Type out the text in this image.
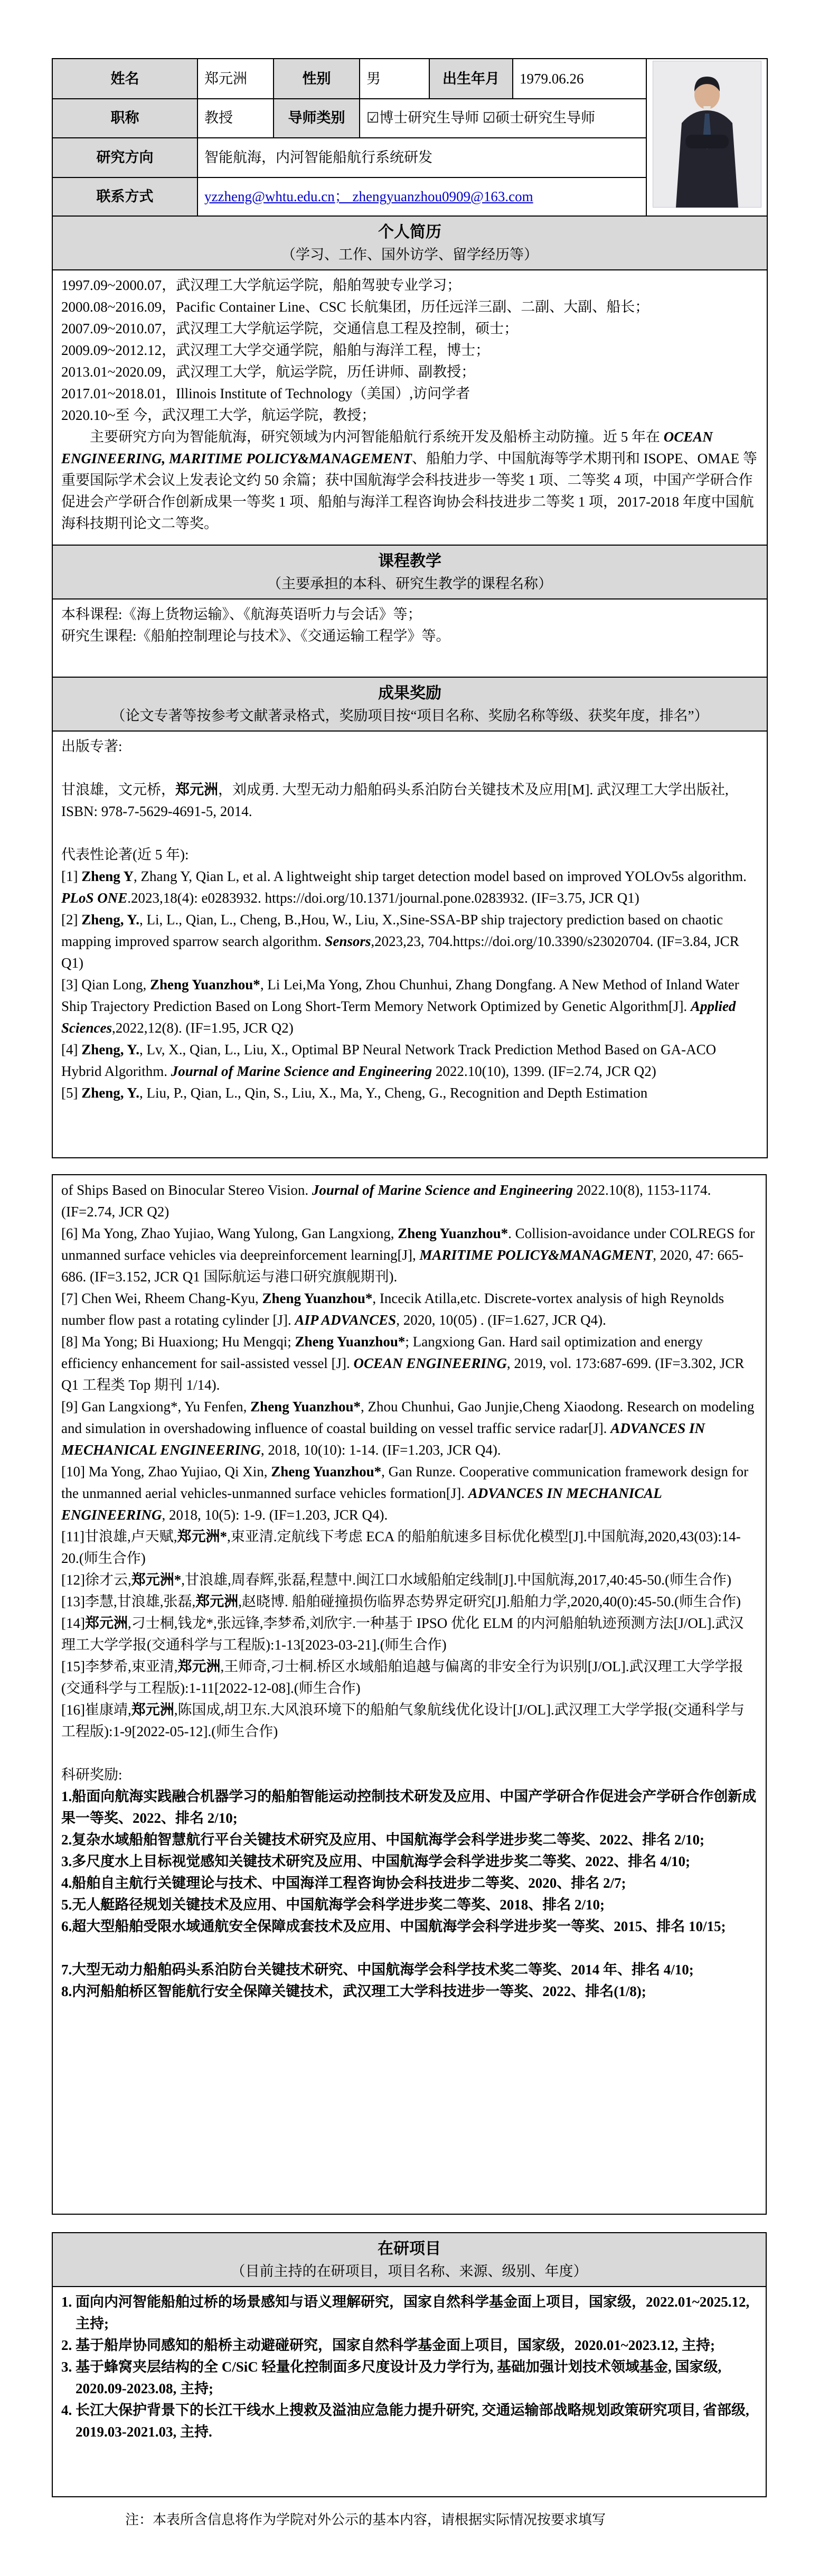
姓名	郑元洲	性别	男	出生年月	1979.06.26	
职称	教授	导师类别	☑博士研究生导师 ☑硕士研究生导师			
研究方向	智能航海，内河智能船航行系统研发					
联系方式	yzzheng@whtu.edu.cn； zhengyuanzhou0909@163.com					

个人简历
（学习、工作、国外访学、留学经历等）						

1997.09~2000.07，武汉理工大学航运学院，船舶驾驶专业学习；

2000.08~2016.09，Pacific Container Line、CSC 长航集团，历任远洋三副、二副、大副、船长；

2007.09~2010.07，武汉理工大学航运学院，交通信息工程及控制，硕士；

2009.09~2012.12，武汉理工大学交通学院，船舶与海洋工程，博士；

2013.01~2020.09，武汉理工大学，航运学院，历任讲师、副教授；

2017.01~2018.01，Illinois Institute of Technology（美国）,访问学者

2020.10~至 今，武汉理工大学，航运学院，教授；

主要研究方向为智能航海，研究领域为内河智能船航行系统开发及船桥主动防撞。近 5 年在 OCEAN ENGINEERING, MARITIME POLICY&MANAGEMENT、船舶力学、中国航海等学术期刊和 ISOPE、OMAE 等重要国际学术会议上发表论文约 50 余篇；获中国航海学会科技进步一等奖 1 项、二等奖 4 项，中国产学研合作促进会产学研合作创新成果一等奖 1 项、船舶与海洋工程咨询协会科技进步二等奖 1 项，2017-2018 年度中国航海科技期刊论文二等奖。

课程教学
（主要承担的本科、研究生教学的课程名称）						

本科课程:《海上货物运输》、《航海英语听力与会话》等；

研究生课程:《船舶控制理论与技术》、《交通运输工程学》等。						

成果奖励
（论文专著等按参考文献著录格式，奖励项目按“项目名称、奖励名称等级、获奖年度，排名”）						

出版专著:

甘浪雄，文元桥，郑元洲，刘成勇. 大型无动力船舶码头系泊防台关键技术及应用[M]. 武汉理工大学出版社, ISBN: 978-7-5629-4691-5, 2014.

代表性论著(近 5 年):

[1] Zheng Y, Zhang Y, Qian L, et al. A lightweight ship target detection model based on improved YOLOv5s algorithm. PLoS ONE.2023,18(4): e0283932. https://doi.org/10.1371/journal.pone.0283932. (IF=3.75, JCR Q1)

[2] Zheng, Y., Li, L., Qian, L., Cheng, B.,Hou, W., Liu, X.,Sine-SSA-BP ship trajectory prediction based on chaotic mapping improved sparrow search algorithm. Sensors,2023,23, 704.https://doi.org/10.3390/s23020704. (IF=3.84, JCR Q1)

[3] Qian Long, Zheng Yuanzhou*, Li Lei,Ma Yong, Zhou Chunhui, Zhang Dongfang. A New Method of Inland Water Ship Trajectory Prediction Based on Long Short-Term Memory Network Optimized by Genetic Algorithm[J]. Applied Sciences,2022,12(8). (IF=1.95, JCR Q2)

[4] Zheng, Y., Lv, X., Qian, L., Liu, X., Optimal BP Neural Network Track Prediction Method Based on GA-ACO Hybrid Algorithm. Journal of Marine Science and Engineering 2022.10(10), 1399. (IF=2.74, JCR Q2)

[5] Zheng, Y., Liu, P., Qian, L., Qin, S., Liu, X., Ma, Y., Cheng, G., Recognition and Depth Estimation

of Ships Based on Binocular Stereo Vision. Journal of Marine Science and Engineering 2022.10(8), 1153-1174. (IF=2.74, JCR Q2)

[6] Ma Yong, Zhao Yujiao, Wang Yulong, Gan Langxiong, Zheng Yuanzhou*. Collision-avoidance under COLREGS for unmanned surface vehicles via deepreinforcement learning[J], MARITIME POLICY&MANAGMENT, 2020, 47: 665-686. (IF=3.152, JCR Q1 国际航运与港口研究旗舰期刊).

[7] Chen Wei, Rheem Chang-Kyu, Zheng Yuanzhou*, Incecik Atilla,etc. Discrete-vortex analysis of high Reynolds number flow past a rotating cylinder [J]. AIP ADVANCES, 2020, 10(05) . (IF=1.627, JCR Q4).

[8] Ma Yong; Bi Huaxiong; Hu Mengqi; Zheng Yuanzhou*; Langxiong Gan. Hard sail optimization and energy efficiency enhancement for sail-assisted vessel [J]. OCEAN ENGINEERING, 2019, vol. 173:687-699. (IF=3.302, JCR Q1 工程类 Top 期刊 1/14).

[9] Gan Langxiong*, Yu Fenfen, Zheng Yuanzhou*, Zhou Chunhui, Gao Junjie,Cheng Xiaodong. Research on modeling and simulation in overshadowing influence of coastal building on vessel traffic service radar[J]. ADVANCES IN MECHANICAL ENGINEERING, 2018, 10(10): 1-14. (IF=1.203, JCR Q4).

[10] Ma Yong, Zhao Yujiao, Qi Xin, Zheng Yuanzhou*, Gan Runze. Cooperative communication framework design for the unmanned aerial vehicles-unmanned surface vehicles formation[J]. ADVANCES IN MECHANICAL ENGINEERING, 2018, 10(5): 1-9. (IF=1.203, JCR Q4).

[11]甘浪雄,卢天赋,郑元洲*,束亚清.定航线下考虑 ECA 的船舶航速多目标优化模型[J].中国航海,2020,43(03):14-20.(师生合作)

[12]徐才云,郑元洲*,甘浪雄,周春辉,张磊,程慧中.闽江口水域船舶定线制[J].中国航海,2017,40:45-50.(师生合作)

[13]李慧,甘浪雄,张磊,郑元洲,赵晓博. 船舶碰撞损伤临界态势界定研究[J].船舶力学,2020,40(0):45-50.(师生合作)

[14]郑元洲,刁士桐,钱龙*,张远锋,李梦希,刘欣宇.一种基于 IPSO 优化 ELM 的内河船舶轨迹预测方法[J/OL].武汉理工大学学报(交通科学与工程版):1-13[2023-03-21].(师生合作)

[15]李梦希,束亚清,郑元洲,王师奇,刁士桐.桥区水域船舶追越与偏离的非安全行为识别[J/OL].武汉理工大学学报(交通科学与工程版):1-11[2022-12-08].(师生合作)

[16]崔康靖,郑元洲,陈国成,胡卫东.大风浪环境下的船舶气象航线优化设计[J/OL].武汉理工大学学报(交通科学与工程版):1-9[2022-05-12].(师生合作)

科研奖励:

1.船面向航海实践融合机器学习的船舶智能运动控制技术研发及应用、中国产学研合作促进会产学研合作创新成果一等奖、2022、排名 2/10;

2.复杂水域船舶智慧航行平台关键技术研究及应用、中国航海学会科学进步奖二等奖、2022、排名 2/10;

3.多尺度水上目标视觉感知关键技术研究及应用、中国航海学会科学进步奖二等奖、2022、排名 4/10;

4.船舶自主航行关键理论与技术、中国海洋工程咨询协会科技进步二等奖、2020、排名 2/7;

5.无人艇路径规划关键技术及应用、中国航海学会科学进步奖二等奖、2018、排名 2/10;

6.超大型船舶受限水域通航安全保障成套技术及应用、中国航海学会科学进步奖一等奖、2015、排名 10/15;

7.大型无动力船舶码头系泊防台关键技术研究、中国航海学会科学技术奖二等奖、2014 年、排名 4/10;

8.内河船舶桥区智能航行安全保障关键技术，武汉理工大学科技进步一等奖、2022、排名(1/8);

在研项目
（目前主持的在研项目，项目名称、来源、级别、年度）

1. 面向内河智能船舶过桥的场景感知与语义理解研究，国家自然科学基金面上项目，国家级，2022.01~2025.12, 主持;

2. 基于船岸协同感知的船桥主动避碰研究，国家自然科学基金面上项目，国家级，2020.01~2023.12, 主持;

3. 基于蜂窝夹层结构的全 C/SiC 轻量化控制面多尺度设计及力学行为, 基础加强计划技术领域基金, 国家级, 2020.09-2023.08, 主持;

4. 长江大保护背景下的长江干线水上搜救及溢油应急能力提升研究, 交通运输部战略规划政策研究项目, 省部级, 2019.03-2021.03, 主持.

注：本表所含信息将作为学院对外公示的基本内容，请根据实际情况按要求填写
